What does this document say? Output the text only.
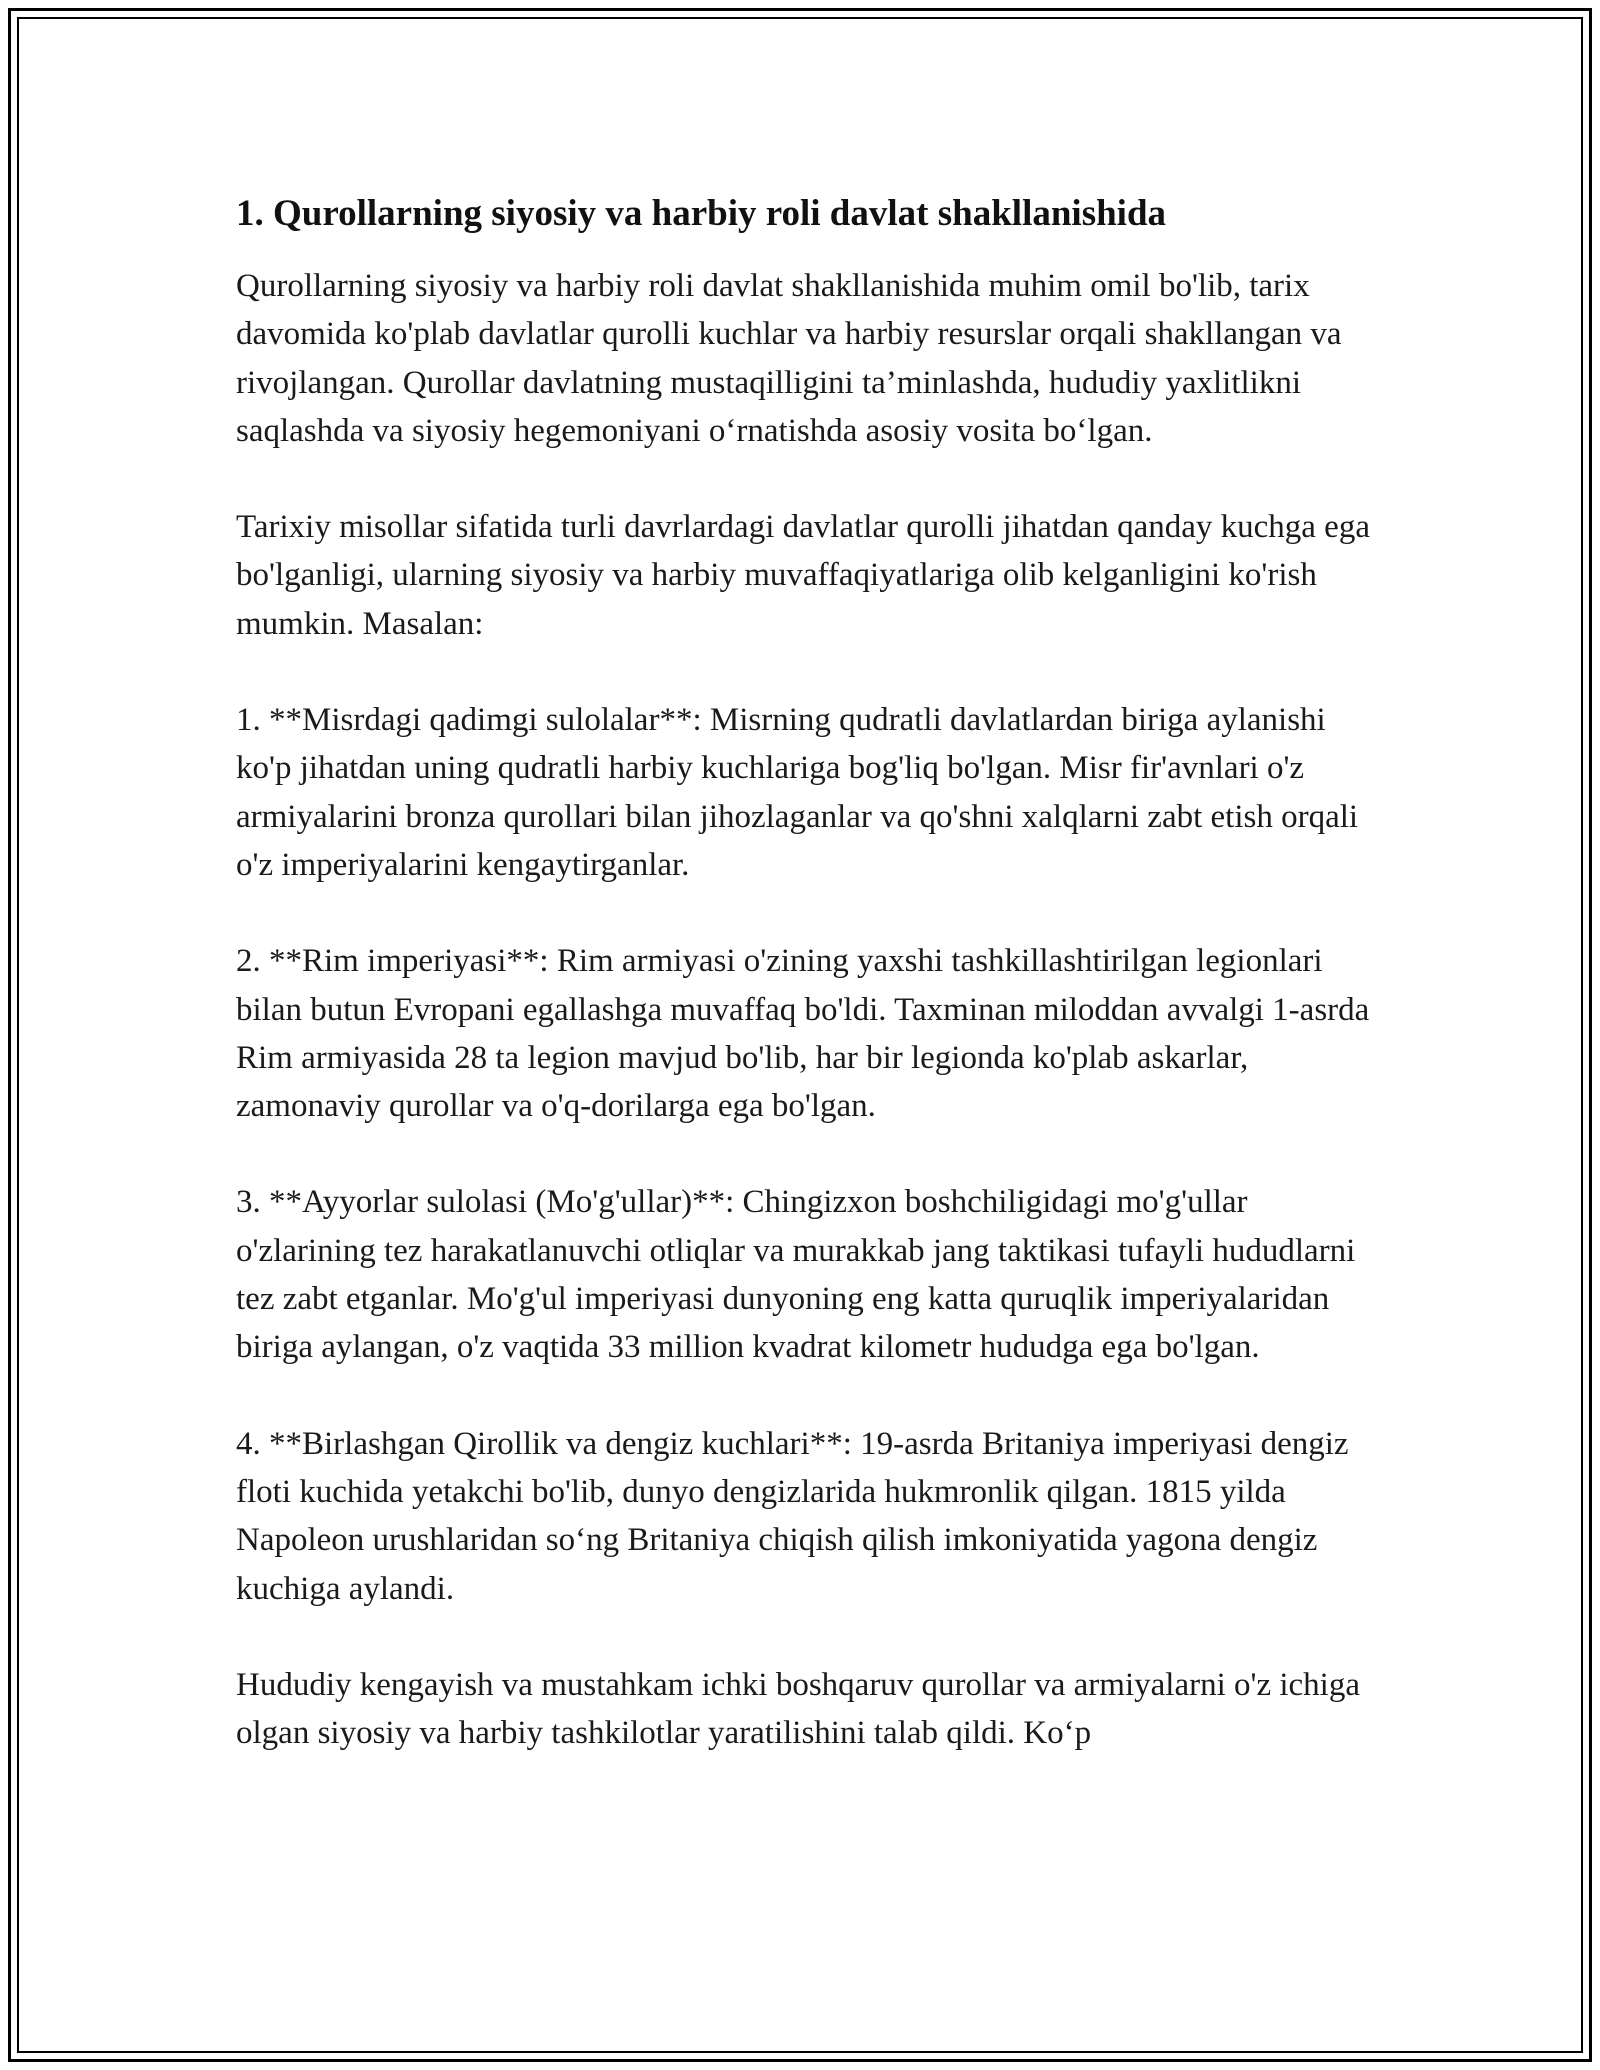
1. Qurollarning siyosiy va harbiy roli davlat shakllanishida

Qurollarning siyosiy va harbiy roli davlat shakllanishida muhim omil bo'lib, tarix davomida ko'plab davlatlar qurolli kuchlar va harbiy resurslar orqali shakllangan va rivojlangan. Qurollar davlatning mustaqilligini ta’minlashda, hududiy yaxlitlikni saqlashda va siyosiy hegemoniyani o‘rnatishda asosiy vosita bo‘lgan.

Tarixiy misollar sifatida turli davrlardagi davlatlar qurolli jihatdan qanday kuchga ega bo'lganligi, ularning siyosiy va harbiy muvaffaqiyatlariga olib kelganligini ko'rish mumkin. Masalan:

1. **Misrdagi qadimgi sulolalar**: Misrning qudratli davlatlardan biriga aylanishi ko'p jihatdan uning qudratli harbiy kuchlariga bog'liq bo'lgan. Misr fir'avnlari o'z armiyalarini bronza qurollari bilan jihozlaganlar va qo'shni xalqlarni zabt etish orqali o'z imperiyalarini kengaytirganlar.

2. **Rim imperiyasi**: Rim armiyasi o'zining yaxshi tashkillashtirilgan legionlari bilan butun Evropani egallashga muvaffaq bo'ldi. Taxminan miloddan avvalgi 1-asrda Rim armiyasida 28 ta legion mavjud bo'lib, har bir legionda ko'plab askarlar, zamonaviy qurollar va o'q-dorilarga ega bo'lgan.

3. **Ayyorlar sulolasi (Mo'g'ullar)**: Chingizxon boshchiligidagi mo'g'ullar o'zlarining tez harakatlanuvchi otliqlar va murakkab jang taktikasi tufayli hududlarni tez zabt etganlar. Mo'g'ul imperiyasi dunyoning eng katta quruqlik imperiyalaridan biriga aylangan, o'z vaqtida 33 million kvadrat kilometr hududga ega bo'lgan.

4. **Birlashgan Qirollik va dengiz kuchlari**: 19-asrda Britaniya imperiyasi dengiz floti kuchida yetakchi bo'lib, dunyo dengizlarida hukmronlik qilgan. 1815 yilda Napoleon urushlaridan so‘ng Britaniya chiqish qilish imkoniyatida yagona dengiz kuchiga aylandi.

Hududiy kengayish va mustahkam ichki boshqaruv qurollar va armiyalarni o'z ichiga olgan siyosiy va harbiy tashkilotlar yaratilishini talab qildi. Ko‘p
